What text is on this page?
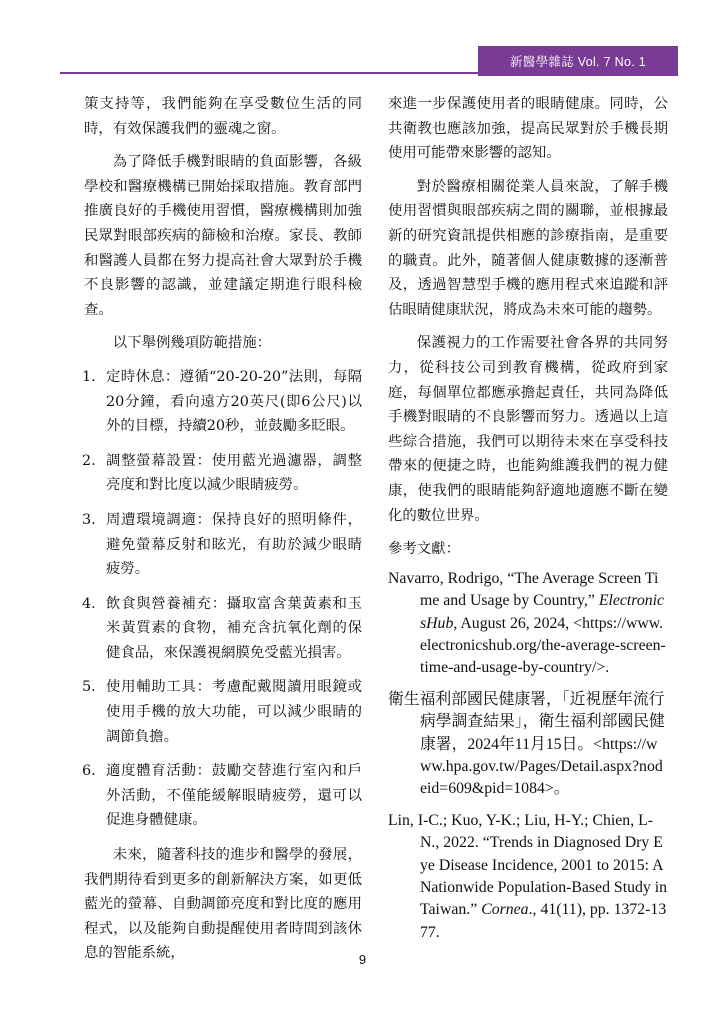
新醫學雜誌 Vol. 7 No. 1

策支持等，我們能夠在享受數位生活的同時，有效保護我們的靈魂之窗。

為了降低手機對眼睛的負面影響，各級學校和醫療機構已開始採取措施。教育部門推廣良好的手機使用習慣，醫療機構則加強民眾對眼部疾病的篩檢和治療。家長、教師和醫護人員都在努力提高社會大眾對於手機不良影響的認識，並建議定期進行眼科檢查。

以下舉例幾項防範措施：

1. 定時休息：遵循“20-20-20”法則，每隔20分鐘，看向遠方20英尺(即6公尺)以外的目標，持續20秒，並鼓勵多眨眼。
2. 調整螢幕設置：使用藍光過濾器，調整亮度和對比度以減少眼睛疲勞。
3. 周遭環境調適：保持良好的照明條件，避免螢幕反射和眩光，有助於減少眼睛疲勞。
4. 飲食與營養補充：攝取富含葉黃素和玉米黃質素的食物，補充含抗氧化劑的保健食品，來保護視網膜免受藍光損害。
5. 使用輔助工具：考慮配戴閱讀用眼鏡或使用手機的放大功能，可以減少眼睛的調節負擔。
6. 適度體育活動：鼓勵交替進行室內和戶外活動，不僅能緩解眼睛疲勞，還可以促進身體健康。

未來，隨著科技的進步和醫學的發展，我們期待看到更多的創新解決方案，如更低藍光的螢幕、自動調節亮度和對比度的應用程式，以及能夠自動提醒使用者時間到該休息的智能系統，

來進一步保護使用者的眼睛健康。同時，公共衛教也應該加強，提高民眾對於手機長期使用可能帶來影響的認知。

對於醫療相關從業人員來說，了解手機使用習慣與眼部疾病之間的關聯，並根據最新的研究資訊提供相應的診療指南，是重要的職責。此外，隨著個人健康數據的逐漸普及，透過智慧型手機的應用程式來追蹤和評估眼睛健康狀況，將成為未來可能的趨勢。

保護視力的工作需要社會各界的共同努力，從科技公司到教育機構，從政府到家庭，每個單位都應承擔起責任，共同為降低手機對眼睛的不良影響而努力。透過以上這些綜合措施，我們可以期待未來在享受科技帶來的便捷之時，也能夠維護我們的視力健康，使我們的眼睛能夠舒適地適應不斷在變化的數位世界。

參考文獻：

Navarro, Rodrigo, “The Average Screen Time and Usage by Country,” ElectronicsHub, August 26, 2024, <https://www.electronicshub.org/the-average-screen-time-and-usage-by-country/>.

衛生福利部國民健康署，「近視歷年流行病學調查結果」，衛生福利部國民健康署，2024年11月15日。<https://www.hpa.gov.tw/Pages/Detail.aspx?nodeid=609&pid=1084>。

Lin, I-C.; Kuo, Y-K.; Liu, H-Y.; Chien, L-N., 2022. “Trends in Diagnosed Dry Eye Disease Incidence, 2001 to 2015: A Nationwide Population-Based Study in Taiwan.” Cornea., 41(11), pp. 1372-1377.

9
